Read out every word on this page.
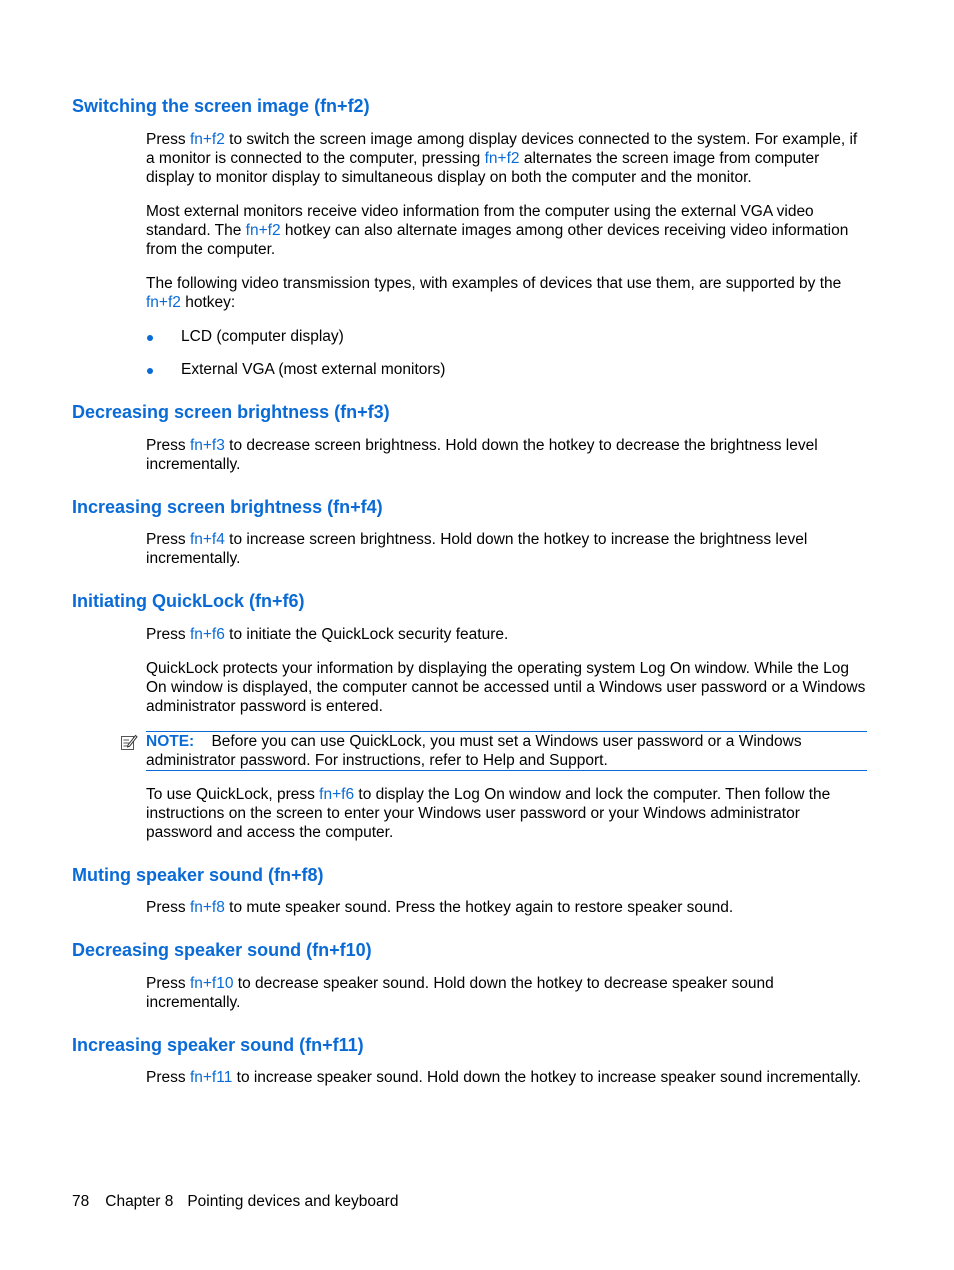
Switching the screen image (fn+f2)

Press fn+f2 to switch the screen image among display devices connected to the system. For example, if a monitor is connected to the computer, pressing fn+f2 alternates the screen image from computer display to monitor display to simultaneous display on both the computer and the monitor.

Most external monitors receive video information from the computer using the external VGA video standard. The fn+f2 hotkey can also alternate images among other devices receiving video information from the computer.

The following video transmission types, with examples of devices that use them, are supported by the fn+f2 hotkey:

LCD (computer display)
External VGA (most external monitors)
Decreasing screen brightness (fn+f3)

Press fn+f3 to decrease screen brightness. Hold down the hotkey to decrease the brightness level incrementally.

Increasing screen brightness (fn+f4)

Press fn+f4 to increase screen brightness. Hold down the hotkey to increase the brightness level incrementally.

Initiating QuickLock (fn+f6)

Press fn+f6 to initiate the QuickLock security feature.

QuickLock protects your information by displaying the operating system Log On window. While the Log On window is displayed, the computer cannot be accessed until a Windows user password or a Windows administrator password is entered.

NOTE: Before you can use QuickLock, you must set a Windows user password or a Windows administrator password. For instructions, refer to Help and Support.

To use QuickLock, press fn+f6 to display the Log On window and lock the computer. Then follow the instructions on the screen to enter your Windows user password or your Windows administrator password and access the computer.

Muting speaker sound (fn+f8)

Press fn+f8 to mute speaker sound. Press the hotkey again to restore speaker sound.

Decreasing speaker sound (fn+f10)

Press fn+f10 to decrease speaker sound. Hold down the hotkey to decrease speaker sound incrementally.

Increasing speaker sound (fn+f11)

Press fn+f11 to increase speaker sound. Hold down the hotkey to increase speaker sound incrementally.

78 Chapter 8 Pointing devices and keyboard
